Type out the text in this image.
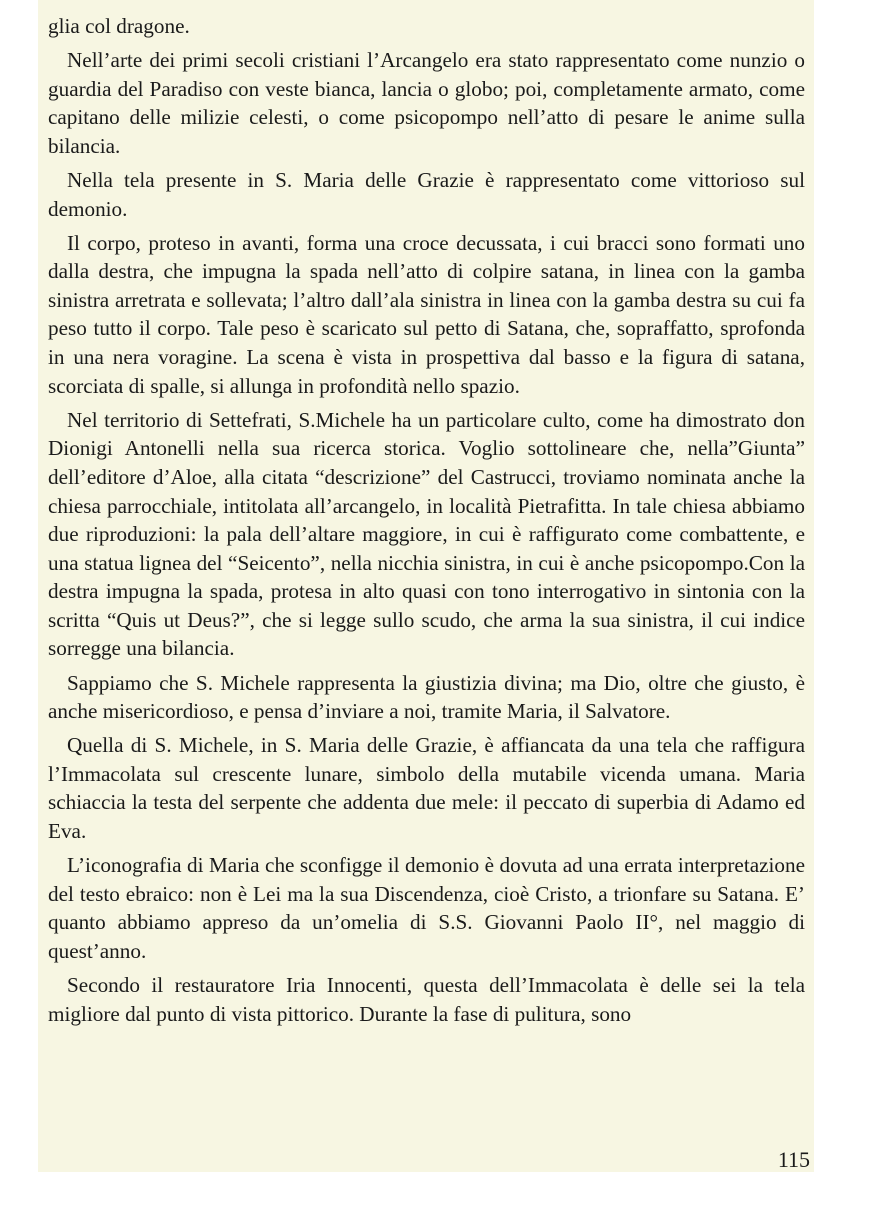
glia col dragone.

Nell’arte dei primi secoli cristiani l’Arcangelo era stato rappresentato come nunzio o guardia del Paradiso con veste bianca, lancia o globo; poi, completamente armato, come capitano delle milizie celesti, o come psicopompo nell’atto di pesare le anime sulla bilancia.

Nella tela presente in S. Maria delle Grazie è rappresentato come vittorioso sul demonio.

Il corpo, proteso in avanti, forma una croce decussata, i cui bracci sono formati uno dalla destra, che impugna la spada nell’atto di colpire satana, in linea con la gamba sinistra arretrata e sollevata; l’altro dall’ala sinistra in linea con la gamba destra su cui fa peso tutto il corpo. Tale peso è scaricato sul petto di Satana, che, sopraffatto, sprofonda in una nera voragine. La scena è vista in prospettiva dal basso e la figura di satana, scorciata di spalle, si allunga in profondità nello spazio.

Nel territorio di Settefrati, S.Michele ha un particolare culto, come ha dimostrato don Dionigi Antonelli nella sua ricerca storica. Voglio sottolineare che, nella”Giunta” dell’editore d’Aloe, alla citata “descrizione” del Castrucci, troviamo nominata anche la chiesa parrocchiale, intitolata all’arcangelo, in località Pietrafitta. In tale chiesa abbiamo due riproduzioni: la pala dell’altare maggiore, in cui è raffigurato come combattente, e una statua lignea del “Seicento”, nella nicchia sinistra, in cui è anche psicopompo.Con la destra impugna la spada, protesa in alto quasi con tono interrogativo in sintonia con la scritta “Quis ut Deus?”, che si legge sullo scudo, che arma la sua sinistra, il cui indice sorregge una bilancia.

Sappiamo che S. Michele rappresenta la giustizia divina; ma Dio, oltre che giusto, è anche misericordioso, e pensa d’inviare a noi, tramite Maria, il Salvatore.

Quella di S. Michele, in S. Maria delle Grazie, è affiancata da una tela che raffigura l’Immacolata sul crescente lunare, simbolo della mutabile vicenda umana. Maria schiaccia la testa del serpente che addenta due mele: il peccato di superbia di Adamo ed Eva.

L’iconografia di Maria che sconfigge il demonio è dovuta ad una errata interpretazione del testo ebraico: non è Lei ma la sua Discendenza, cioè Cristo, a trionfare su Satana. E’ quanto abbiamo appreso da un’omelia di S.S. Giovanni Paolo II°, nel maggio di quest’anno.

Secondo il restauratore Iria Innocenti, questa dell’Immacolata è delle sei la tela migliore dal punto di vista pittorico. Durante la fase di pulitura, sono

115
